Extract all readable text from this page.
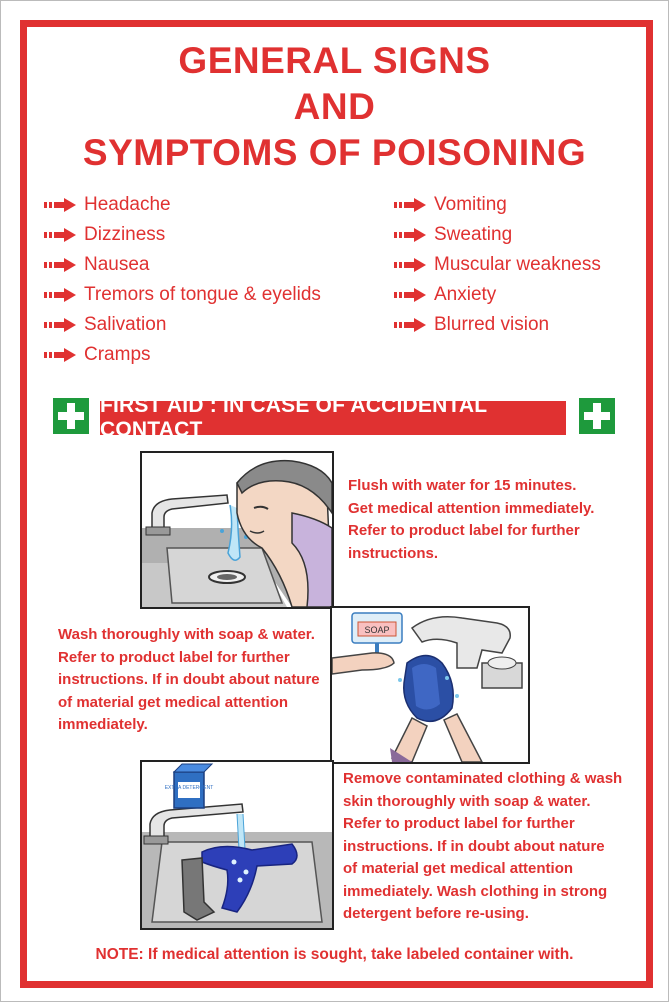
GENERAL SIGNS
AND
SYMPTOMS OF POISONING
Headache
Dizziness
Nausea
Tremors of tongue & eyelids
Salivation
Cramps
Vomiting
Sweating
Muscular weakness
Anxiety
Blurred vision
FIRST AID : IN CASE OF ACCIDENTAL CONTACT
Flush with water for 15 minutes.
Get medical attention immediately.
Refer to product label for further
instructions.
Wash thoroughly with soap & water.
Refer to product label for further
instructions. If in doubt about nature
of material get medical attention
immediately.
SOAP
EXTRA DETERGENT
Remove contaminated clothing & wash
skin thoroughly with soap & water.
Refer to product label for further
instructions. If in doubt about nature
of material get medical attention
immediately. Wash clothing in strong
detergent before re-using.
NOTE: If medical attention is sought, take labeled container with.
